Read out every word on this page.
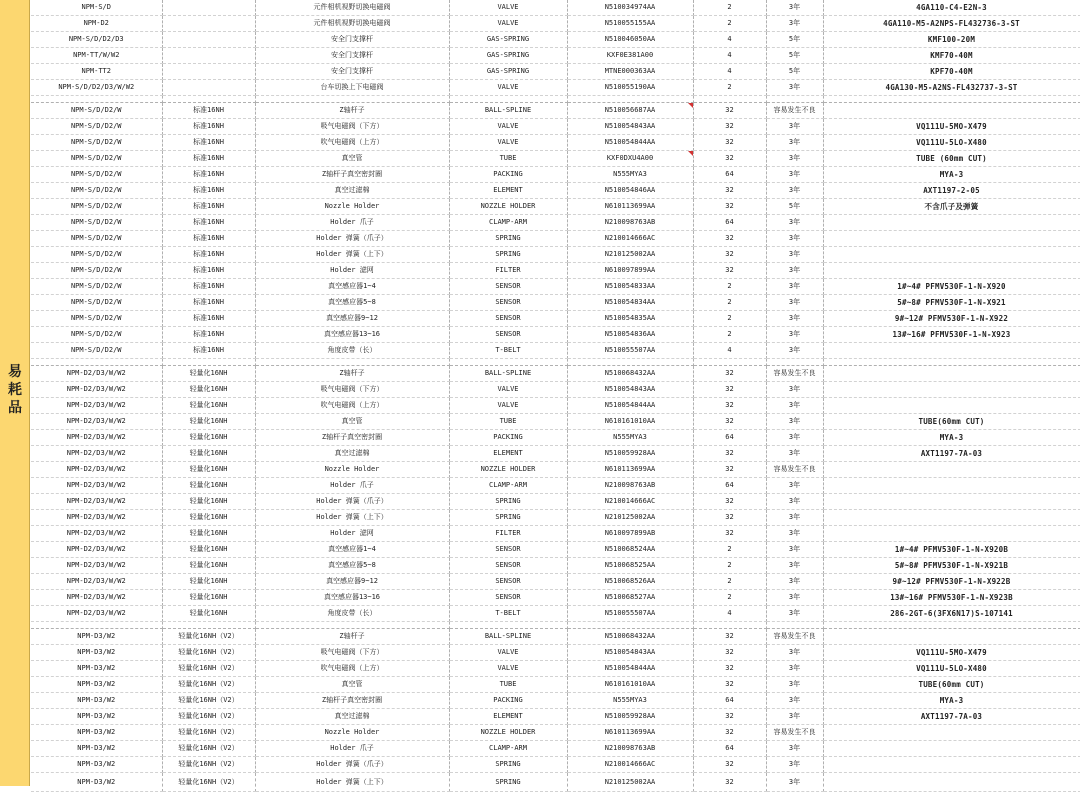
易耗品
NPM-S/D		元件相机视野切换电磁阀	VALVE	N510034974AA	2	3年	4GA110-C4-E2N-3
NPM-D2		元件相机视野切换电磁阀	VALVE	N510055155AA	2	3年	4GA110-M5-A2NPS-FL432736-3-ST
NPM-S/D/D2/D3		安全门支撑杆	GAS-SPRING	N510046050AA	4	5年	KMF100-20M
NPM-TT/W/W2		安全门支撑杆	GAS-SPRING	KXF0E381A00	4	5年	KMF70-40M
NPM-TT2		安全门支撑杆	GAS-SPRING	MTNE000363AA	4	5年	KPF70-40M
NPM-S/D/D2/D3/W/W2		台车切换上下电磁阀	VALVE	N510055190AA	2	3年	4GA130-M5-A2NS-FL432737-3-ST

NPM-S/D/D2/W	标准16NH	Z轴杆子	BALL-SPLINE	N510056687AA	32	容易发生不良	
NPM-S/D/D2/W	标准16NH	吸气电磁阀（下方）	VALVE	N510054843AA	32	3年	VQ111U-5MO-X479
NPM-S/D/D2/W	标准16NH	吹气电磁阀（上方）	VALVE	N510054844AA	32	3年	VQ111U-5LO-X480
NPM-S/D/D2/W	标准16NH	真空管	TUBE	KXF0DXU4A00	32	3年	TUBE (60mm CUT)
NPM-S/D/D2/W	标准16NH	Z轴杆子真空密封圈	PACKING	N555MYA3	64	3年	MYA-3
NPM-S/D/D2/W	标准16NH	真空过滤棉	ELEMENT	N510054846AA	32	3年	AXT1197-2-05
NPM-S/D/D2/W	标准16NH	Nozzle Holder	NOZZLE HOLDER	N610113699AA	32	5年	不含爪子及弹簧
NPM-S/D/D2/W	标准16NH	Holder 爪子	CLAMP-ARM	N210098763AB	64	3年	
NPM-S/D/D2/W	标准16NH	Holder 弹簧（爪子）	SPRING	N210014666AC	32	3年	
NPM-S/D/D2/W	标准16NH	Holder 弹簧（上下）	SPRING	N210125002AA	32	3年	
NPM-S/D/D2/W	标准16NH	Holder 滤网	FILTER	N610097899AA	32	3年	
NPM-S/D/D2/W	标准16NH	真空感应器1~4	SENSOR	N510054833AA	2	3年	1#~4# PFMV530F-1-N-X920
NPM-S/D/D2/W	标准16NH	真空感应器5~8	SENSOR	N510054834AA	2	3年	5#~8# PFMV530F-1-N-X921
NPM-S/D/D2/W	标准16NH	真空感应器9~12	SENSOR	N510054835AA	2	3年	9#~12# PFMV530F-1-N-X922
NPM-S/D/D2/W	标准16NH	真空感应器13~16	SENSOR	N510054836AA	2	3年	13#~16# PFMV530F-1-N-X923
NPM-S/D/D2/W	标准16NH	角度皮带（长）	T-BELT	N510055507AA	4	3年	

NPM-D2/D3/W/W2	轻量化16NH	Z轴杆子	BALL-SPLINE	N510068432AA	32	容易发生不良	
NPM-D2/D3/W/W2	轻量化16NH	吸气电磁阀（下方）	VALVE	N510054843AA	32	3年	
NPM-D2/D3/W/W2	轻量化16NH	吹气电磁阀（上方）	VALVE	N510054844AA	32	3年	
NPM-D2/D3/W/W2	轻量化16NH	真空管	TUBE	N610161010AA	32	3年	TUBE(60mm CUT)
NPM-D2/D3/W/W2	轻量化16NH	Z轴杆子真空密封圈	PACKING	N555MYA3	64	3年	MYA-3
NPM-D2/D3/W/W2	轻量化16NH	真空过滤棉	ELEMENT	N510059928AA	32	3年	AXT1197-7A-03
NPM-D2/D3/W/W2	轻量化16NH	Nozzle Holder	NOZZLE HOLDER	N610113699AA	32	容易发生不良	
NPM-D2/D3/W/W2	轻量化16NH	Holder 爪子	CLAMP-ARM	N210098763AB	64	3年	
NPM-D2/D3/W/W2	轻量化16NH	Holder 弹簧（爪子）	SPRING	N210014666AC	32	3年	
NPM-D2/D3/W/W2	轻量化16NH	Holder 弹簧（上下）	SPRING	N210125002AA	32	3年	
NPM-D2/D3/W/W2	轻量化16NH	Holder 滤网	FILTER	N610097899AB	32	3年	
NPM-D2/D3/W/W2	轻量化16NH	真空感应器1~4	SENSOR	N510068524AA	2	3年	1#~4# PFMV530F-1-N-X920B
NPM-D2/D3/W/W2	轻量化16NH	真空感应器5~8	SENSOR	N510068525AA	2	3年	5#~8# PFMV530F-1-N-X921B
NPM-D2/D3/W/W2	轻量化16NH	真空感应器9~12	SENSOR	N510068526AA	2	3年	9#~12# PFMV530F-1-N-X922B
NPM-D2/D3/W/W2	轻量化16NH	真空感应器13~16	SENSOR	N510068527AA	2	3年	13#~16# PFMV530F-1-N-X923B
NPM-D2/D3/W/W2	轻量化16NH	角度皮带（长）	T-BELT	N510055507AA	4	3年	286-2GT-6(3FX6N17)S-107141

NPM-D3/W2	轻量化16NH（V2）	Z轴杆子	BALL-SPLINE	N510068432AA	32	容易发生不良	
NPM-D3/W2	轻量化16NH（V2）	吸气电磁阀（下方）	VALVE	N510054843AA	32	3年	VQ111U-5MO-X479
NPM-D3/W2	轻量化16NH（V2）	吹气电磁阀（上方）	VALVE	N510054844AA	32	3年	VQ111U-5LO-X480
NPM-D3/W2	轻量化16NH（V2）	真空管	TUBE	N610161010AA	32	3年	TUBE(60mm CUT)
NPM-D3/W2	轻量化16NH（V2）	Z轴杆子真空密封圈	PACKING	N555MYA3	64	3年	MYA-3
NPM-D3/W2	轻量化16NH（V2）	真空过滤棉	ELEMENT	N510059928AA	32	3年	AXT1197-7A-03
NPM-D3/W2	轻量化16NH（V2）	Nozzle Holder	NOZZLE HOLDER	N610113699AA	32	容易发生不良	
NPM-D3/W2	轻量化16NH（V2）	Holder 爪子	CLAMP-ARM	N210098763AB	64	3年	
NPM-D3/W2	轻量化16NH（V2）	Holder 弹簧（爪子）	SPRING	N210014666AC	32	3年	
NPM-D3/W2	轻量化16NH（V2）	Holder 弹簧（上下）	SPRING	N210125002AA	32	3年	
